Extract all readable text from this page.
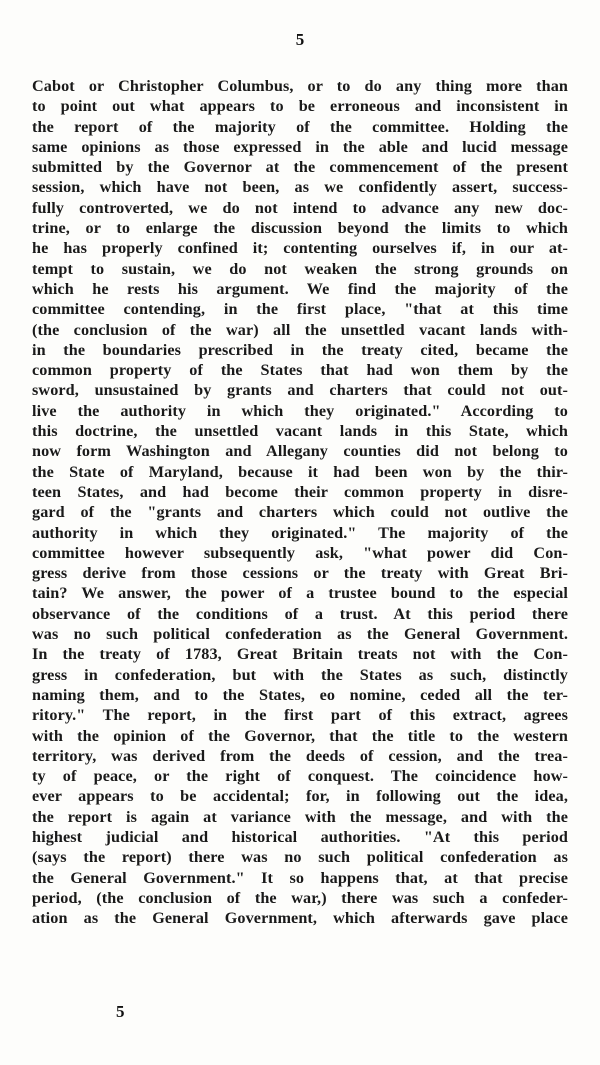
5
Cabot or Christopher Columbus, or to do any thing more than
to point out what appears to be erroneous and inconsistent in
the report of the majority of the committee. Holding the
same opinions as those expressed in the able and lucid message
submitted by the Governor at the commencement of the present
session, which have not been, as we confidently assert, success-
fully controverted, we do not intend to advance any new doc-
trine, or to enlarge the discussion beyond the limits to which
he has properly confined it; contenting ourselves if, in our at-
tempt to sustain, we do not weaken the strong grounds on
which he rests his argument. We find the majority of the
committee contending, in the first place, "that at this time
(the conclusion of the war) all the unsettled vacant lands with-
in the boundaries prescribed in the treaty cited, became the
common property of the States that had won them by the
sword, unsustained by grants and charters that could not out-
live the authority in which they originated." According to
this doctrine, the unsettled vacant lands in this State, which
now form Washington and Allegany counties did not belong to
the State of Maryland, because it had been won by the thir-
teen States, and had become their common property in disre-
gard of the "grants and charters which could not outlive the
authority in which they originated." The majority of the
committee however subsequently ask, "what power did Con-
gress derive from those cessions or the treaty with Great Bri-
tain? We answer, the power of a trustee bound to the especial
observance of the conditions of a trust. At this period there
was no such political confederation as the General Government.
In the treaty of 1783, Great Britain treats not with the Con-
gress in confederation, but with the States as such, distinctly
naming them, and to the States, eo nomine, ceded all the ter-
ritory." The report, in the first part of this extract, agrees
with the opinion of the Governor, that the title to the western
territory, was derived from the deeds of cession, and the trea-
ty of peace, or the right of conquest. The coincidence how-
ever appears to be accidental; for, in following out the idea,
the report is again at variance with the message, and with the
highest judicial and historical authorities. "At this period
(says the report) there was no such political confederation as
the General Government." It so happens that, at that precise
period, (the conclusion of the war,) there was such a confeder-
ation as the General Government, which afterwards gave place
5
